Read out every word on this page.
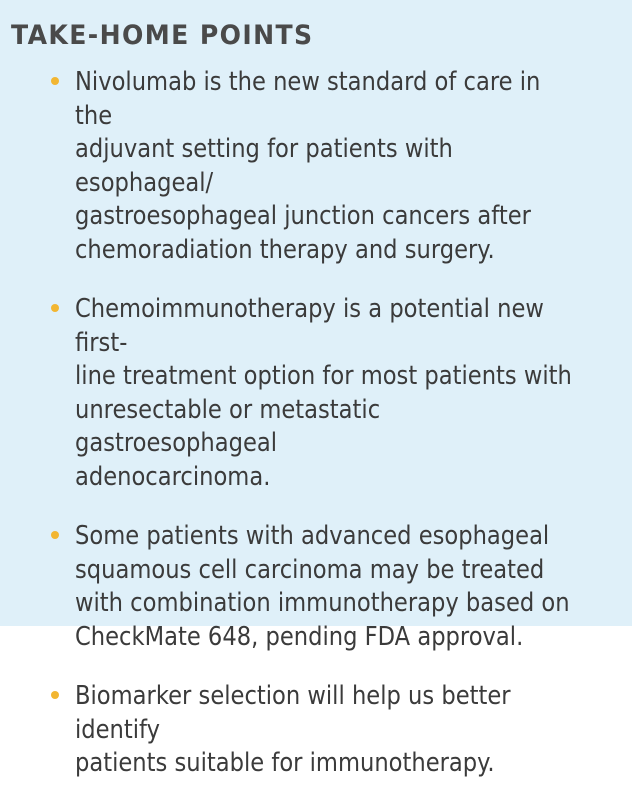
TAKE-HOME POINTS
Nivolumab is the new standard of care in the
adjuvant setting for patients with esophageal/
gastroesophageal junction cancers after
chemoradiation therapy and surgery.
Chemoimmunotherapy is a potential new first-
line treatment option for most patients with
unresectable or metastatic gastroesophageal
adenocarcinoma.
Some patients with advanced esophageal
squamous cell carcinoma may be treated
with combination immunotherapy based on
CheckMate 648, pending FDA approval.
Biomarker selection will help us better identify
patients suitable for immunotherapy.
